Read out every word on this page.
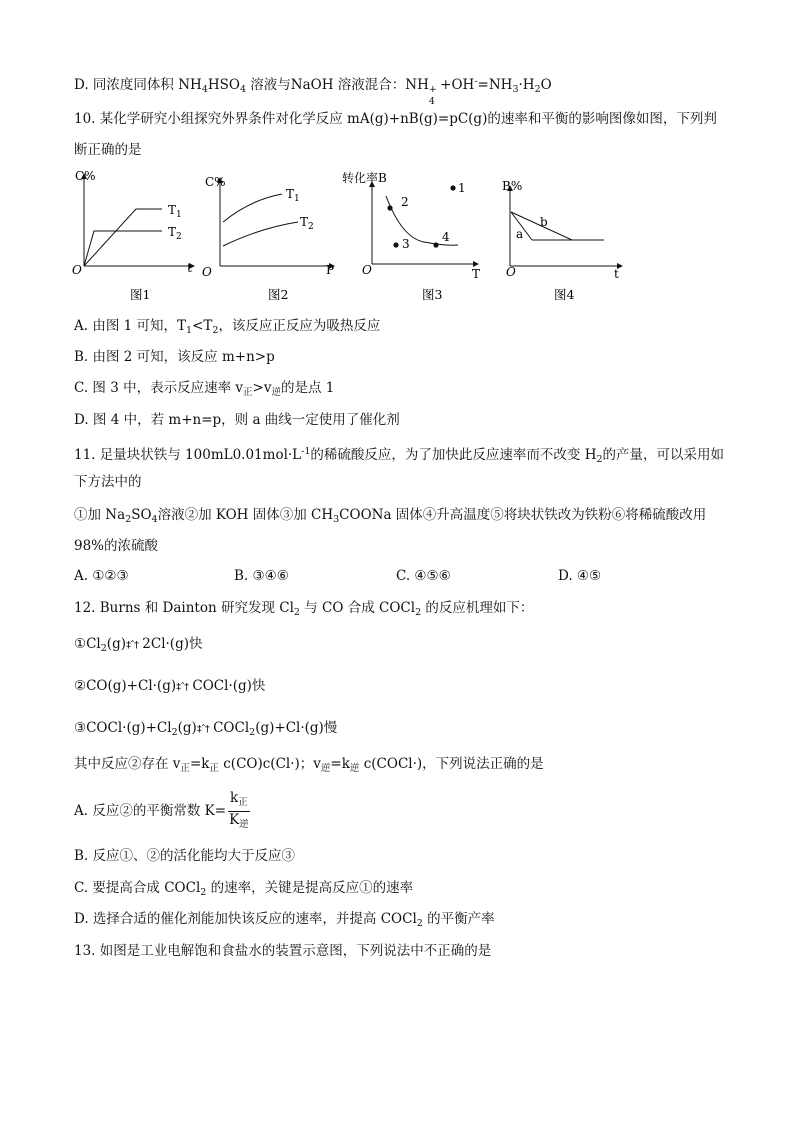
D. 同浓度同体积 $NH_4HSO_4$ 溶液与NaOH 溶液混合：NH +
4
$+OH^-=NH_3\cdot H_2O$
10. 某化学研究小组探究外界条件对化学反应 mA(g)+nB(g)=pC(g)的速率和平衡的影响图像如图，下列判
断正确的是
C%
O	t
$T_1$
$T_2$
图1
C%
O	P
$T_1$
$T_2$
图2
转化率B
O	T
1
2
3	4
图3
B%
O	t
a
b
图4
A. 由图 1 可知，$T_1<T_2$，该反应正反应为吸热反应
B. 由图 2 可知，该反应 m+n>p
C. 图 3 中，表示反应速率 $v_正>v_逆$的是点 1
D. 图 4 中，若 m+n=p，则 a 曲线一定使用了催化剂
11. 足量块状铁与 $100mL0.01mol\cdot L^{-1}$的稀硫酸反应，为了加快此反应速率而不改变 $H_2$的产量，可以采用如
下方法中的
①加 $Na_2SO_4$溶液②加 KOH 固体③加 $CH_3COONa$ 固体④升高温度⑤将块状铁改为铁粉⑥将稀硫酸改用
98%的浓硫酸
A. ①②③	B. ③④⑥	C. ④⑤⑥	D. ④⑤
12. Burns 和 Dainton 研究发现 $Cl_2$ 与 CO 合成 COCl$_2$ 的反应机理如下：
$①Cl_2(g)\ddagger ˆ\dagger$ 2Cl·(g)快
②CO(g)+Cl·(g)‡ˆ† COCl·(g)快
$③COCl\cdot(g)+Cl_2(g)\ddagger ˆ\dagger$ COCl$_2$(g)+Cl·(g)慢
其中反应②存在 $v_正=k_正$ c(CO)c(Cl·)；$v_逆=k_逆$ c(COCl·)，下列说法正确的是
A. 反应②的平衡常数 $K= \frac{k_正}{K_逆}$
B. 反应①、②的活化能均大于反应③
C. 要提高合成 COCl$_2$ 的速率，关键是提高反应①的速率
D. 选择合适的催化剂能加快该反应的速率，并提高 COCl$_2$ 的平衡产率
13. 如图是工业电解饱和食盐水的装置示意图，下列说法中不正确的是
